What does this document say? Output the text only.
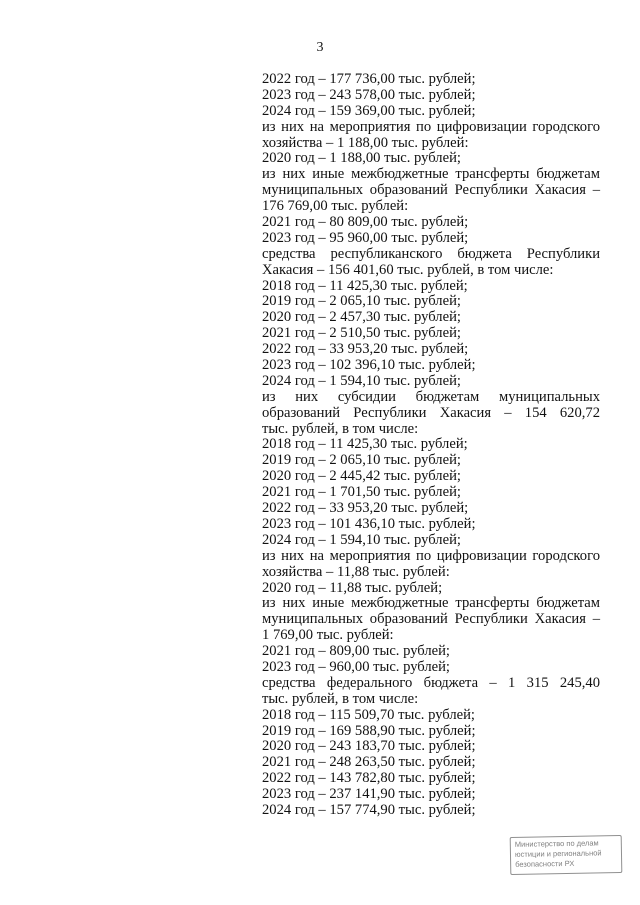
3
2022 год – 177 736,00 тыс. рублей;
2023 год – 243 578,00 тыс. рублей;
2024 год – 159 369,00 тыс. рублей;
из них на мероприятия по цифровизации городского
хозяйства – 1 188,00 тыс. рублей:
2020 год – 1 188,00 тыс. рублей;
из них иные межбюджетные трансферты бюджетам
муниципальных образований Республики Хакасия –
176 769,00 тыс. рублей:
2021 год – 80 809,00 тыс. рублей;
2023 год – 95 960,00 тыс. рублей;
средства республиканского бюджета Республики
Хакасия – 156 401,60 тыс. рублей, в том числе:
2018 год – 11 425,30 тыс. рублей;
2019 год – 2 065,10 тыс. рублей;
2020 год – 2 457,30 тыс. рублей;
2021 год – 2 510,50 тыс. рублей;
2022 год – 33 953,20 тыс. рублей;
2023 год – 102 396,10 тыс. рублей;
2024 год – 1 594,10 тыс. рублей;
из них субсидии бюджетам муниципальных
образований Республики Хакасия – 154 620,72
тыс. рублей, в том числе:
2018 год – 11 425,30 тыс. рублей;
2019 год – 2 065,10 тыс. рублей;
2020 год – 2 445,42 тыс. рублей;
2021 год – 1 701,50 тыс. рублей;
2022 год – 33 953,20 тыс. рублей;
2023 год – 101 436,10 тыс. рублей;
2024 год – 1 594,10 тыс. рублей;
из них на мероприятия по цифровизации городского
хозяйства – 11,88 тыс. рублей:
2020 год – 11,88 тыс. рублей;
из них иные межбюджетные трансферты бюджетам
муниципальных образований Республики Хакасия –
1 769,00 тыс. рублей:
2021 год – 809,00 тыс. рублей;
2023 год – 960,00 тыс. рублей;
средства федерального бюджета – 1 315 245,40
тыс. рублей, в том числе:
2018 год – 115 509,70 тыс. рублей;
2019 год – 169 588,90 тыс. рублей;
2020 год – 243 183,70 тыс. рублей;
2021 год – 248 263,50 тыс. рублей;
2022 год – 143 782,80 тыс. рублей;
2023 год – 237 141,90 тыс. рублей;
2024 год – 157 774,90 тыс. рублей;
Министерство по делам
юстиции и региональной
безопасности РХ
